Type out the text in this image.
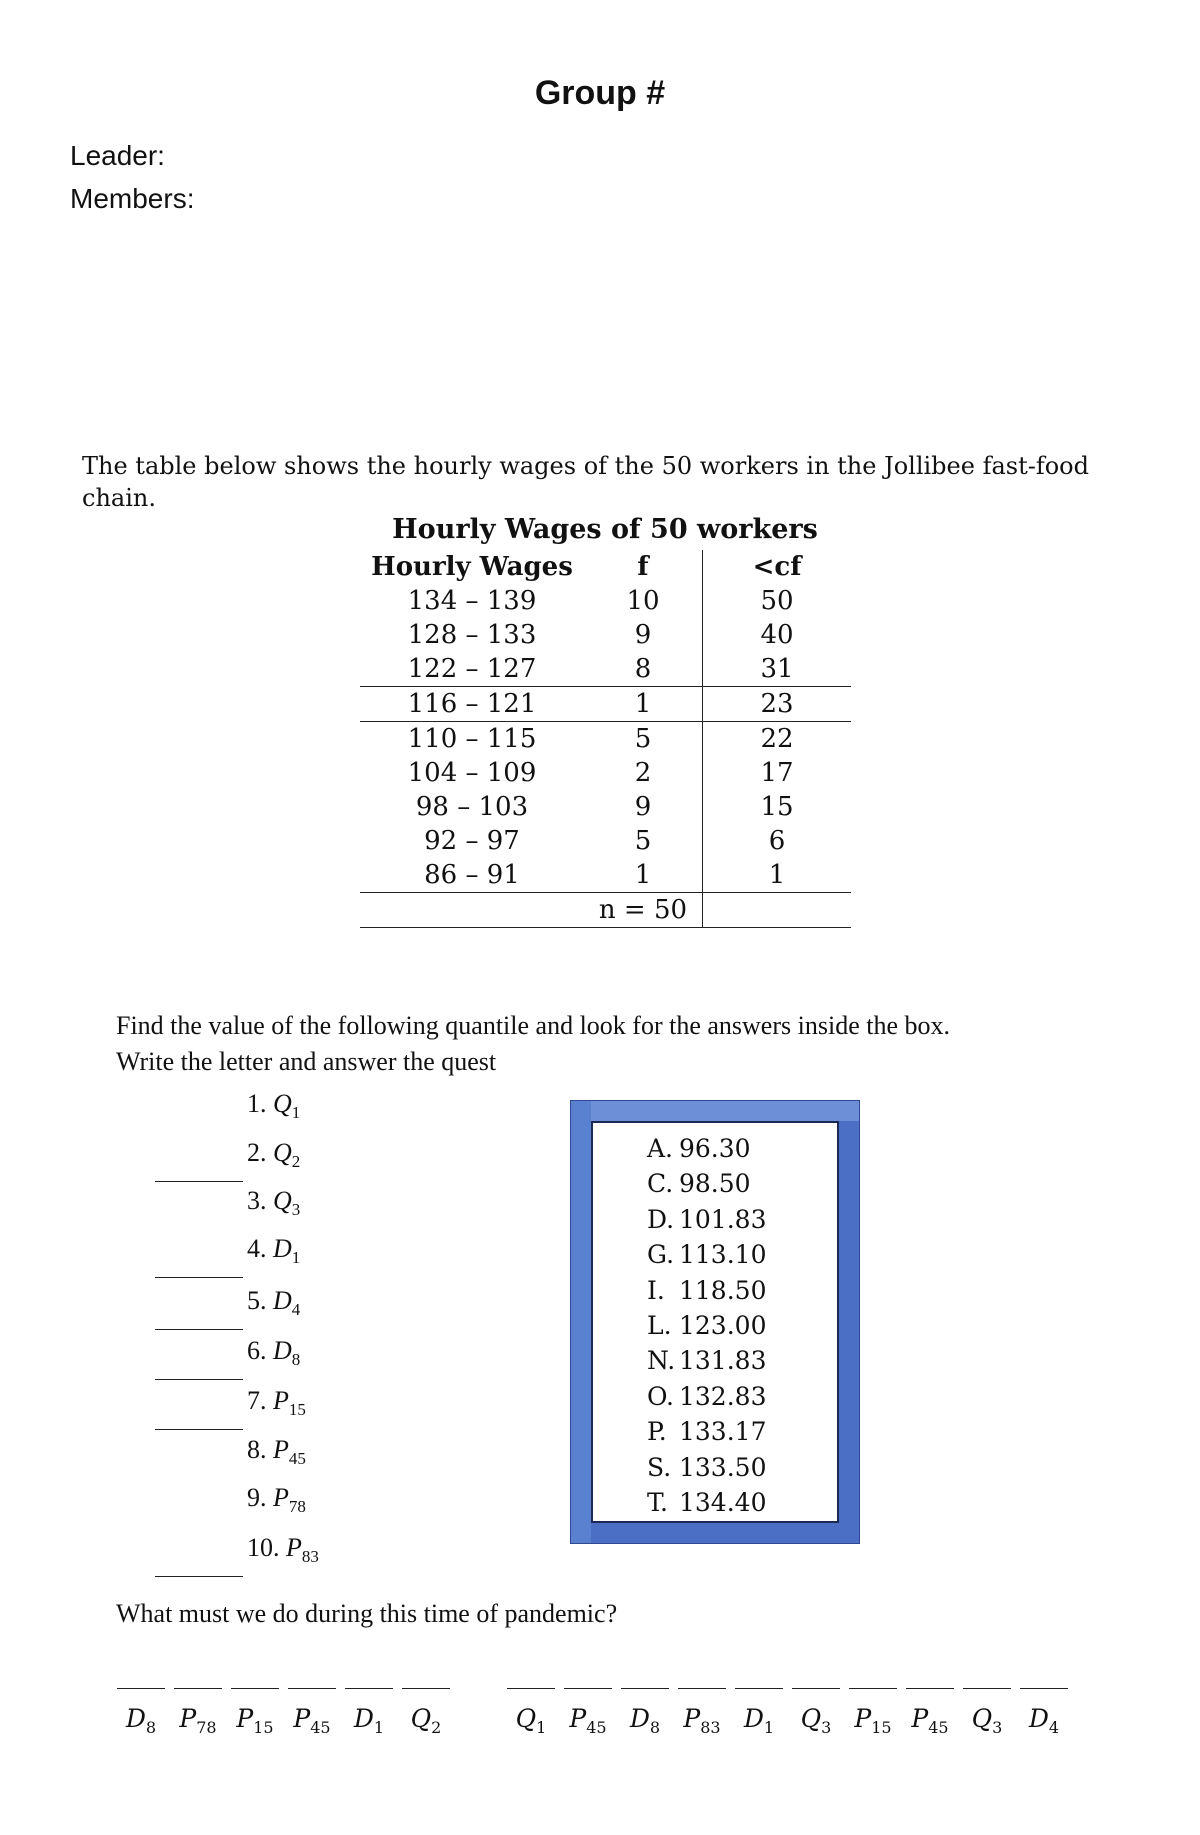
Group #
Leader:
Members:
The table below shows the hourly wages of the 50 workers in the Jollibee fast-food chain.
Hourly Wages of 50 workers
Hourly Wages	f	<cf
134 – 139	10	50
128 – 133	9	40
122 – 127	8	31
116 – 121	1	23
110 – 115	5	22
104 – 109	2	17
98 – 103	9	15
92 – 97	5	6
86 – 91	1	1
	n = 50	
Find the value of the following quantile and look for the answers inside the box.
Write the letter and answer the quest
1. $Q_1$
2. $Q_2$
3. $Q_3$
4. $D_1$
5. $D_4$
6. $D_8$
7. $P_{15}$
8. $P_{45}$
9. $P_{78}$
10. $P_{83}$
A. 96.30
C. 98.50
D. 101.83
G. 113.10
I. 118.50
L. 123.00
N. 131.83
O. 132.83
P. 133.17
S. 133.50
T. 134.40
What must we do during this time of pandemic?
$D_8$ $P_{78}$ $P_{15}$ $P_{45}$ $D_1$	$Q_2$	$Q_1$ $P_{45}$ $D_8$ $P_{83}$ $D_1$	$Q_3$ $P_{15}$ $P_{45}$ $Q_3$	$D_4$
